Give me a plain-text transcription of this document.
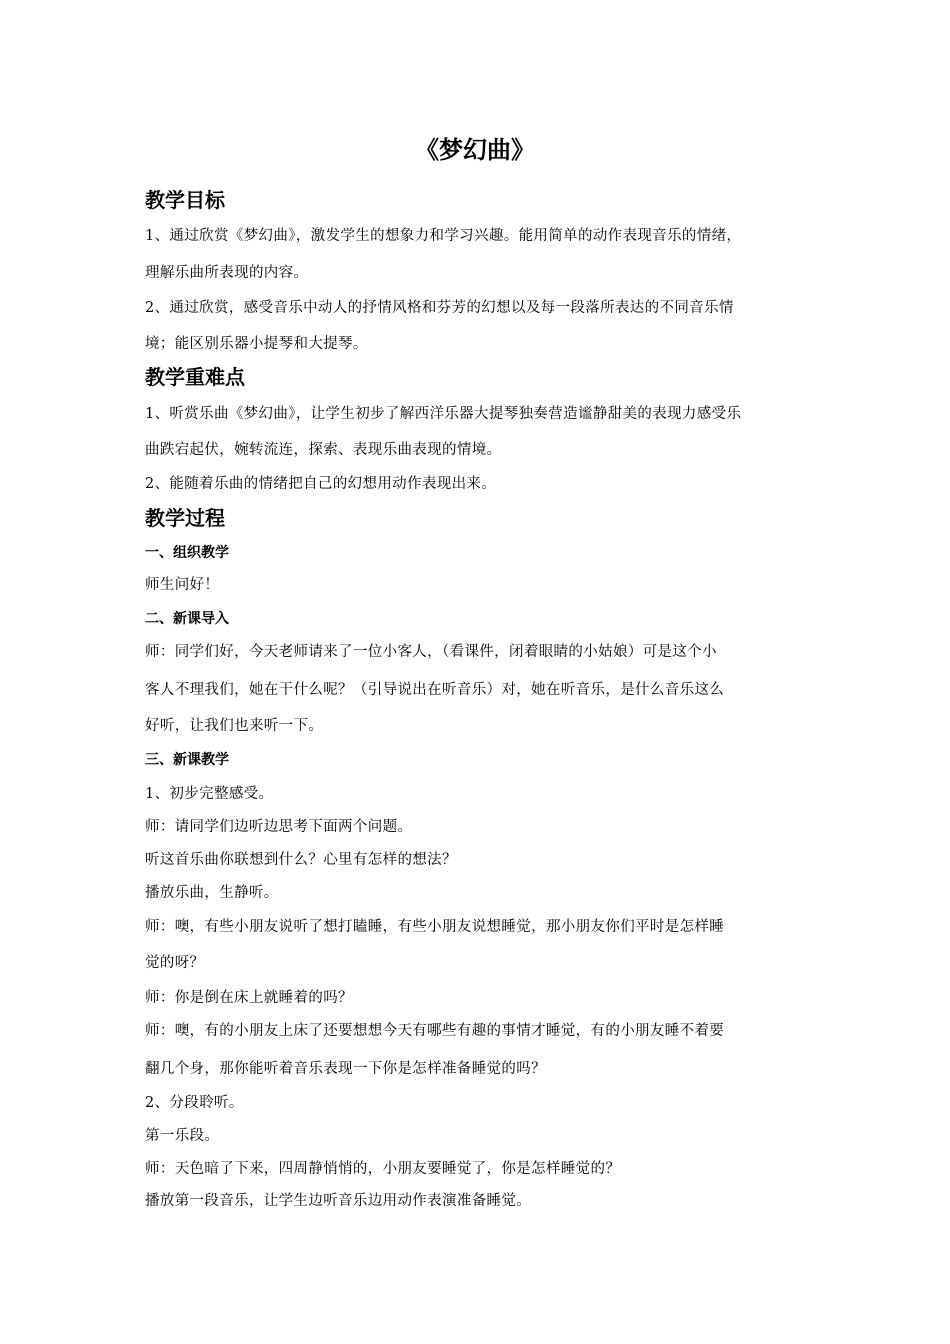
《梦幻曲》
教学目标
1、通过欣赏《梦幻曲》，激发学生的想象力和学习兴趣。能用简单的动作表现音乐的情绪，
理解乐曲所表现的内容。
2、通过欣赏，感受音乐中动人的抒情风格和芬芳的幻想以及每一段落所表达的不同音乐情
境；能区别乐器小提琴和大提琴。
教学重难点
1、听赏乐曲《梦幻曲》，让学生初步了解西洋乐器大提琴独奏营造谧静甜美的表现力感受乐
曲跌宕起伏，婉转流连，探索、表现乐曲表现的情境。
2、能随着乐曲的情绪把自己的幻想用动作表现出来。
教学过程
一、组织教学
师生问好！
二、新课导入
师：同学们好，今天老师请来了一位小客人，（看课件，闭着眼睛的小姑娘）可是这个小
客人不理我们，她在干什么呢？（引导说出在听音乐）对，她在听音乐，是什么音乐这么
好听，让我们也来听一下。
三、新课教学
1、初步完整感受。
师：请同学们边听边思考下面两个问题。
听这首乐曲你联想到什么？心里有怎样的想法？
播放乐曲，生静听。
师：噢，有些小朋友说听了想打瞌睡，有些小朋友说想睡觉，那小朋友你们平时是怎样睡
觉的呀？
师：你是倒在床上就睡着的吗？
师：噢，有的小朋友上床了还要想想今天有哪些有趣的事情才睡觉，有的小朋友睡不着要
翻几个身，那你能听着音乐表现一下你是怎样准备睡觉的吗？
2、分段聆听。
第一乐段。
师：天色暗了下来，四周静悄悄的，小朋友要睡觉了，你是怎样睡觉的？
播放第一段音乐，让学生边听音乐边用动作表演准备睡觉。
